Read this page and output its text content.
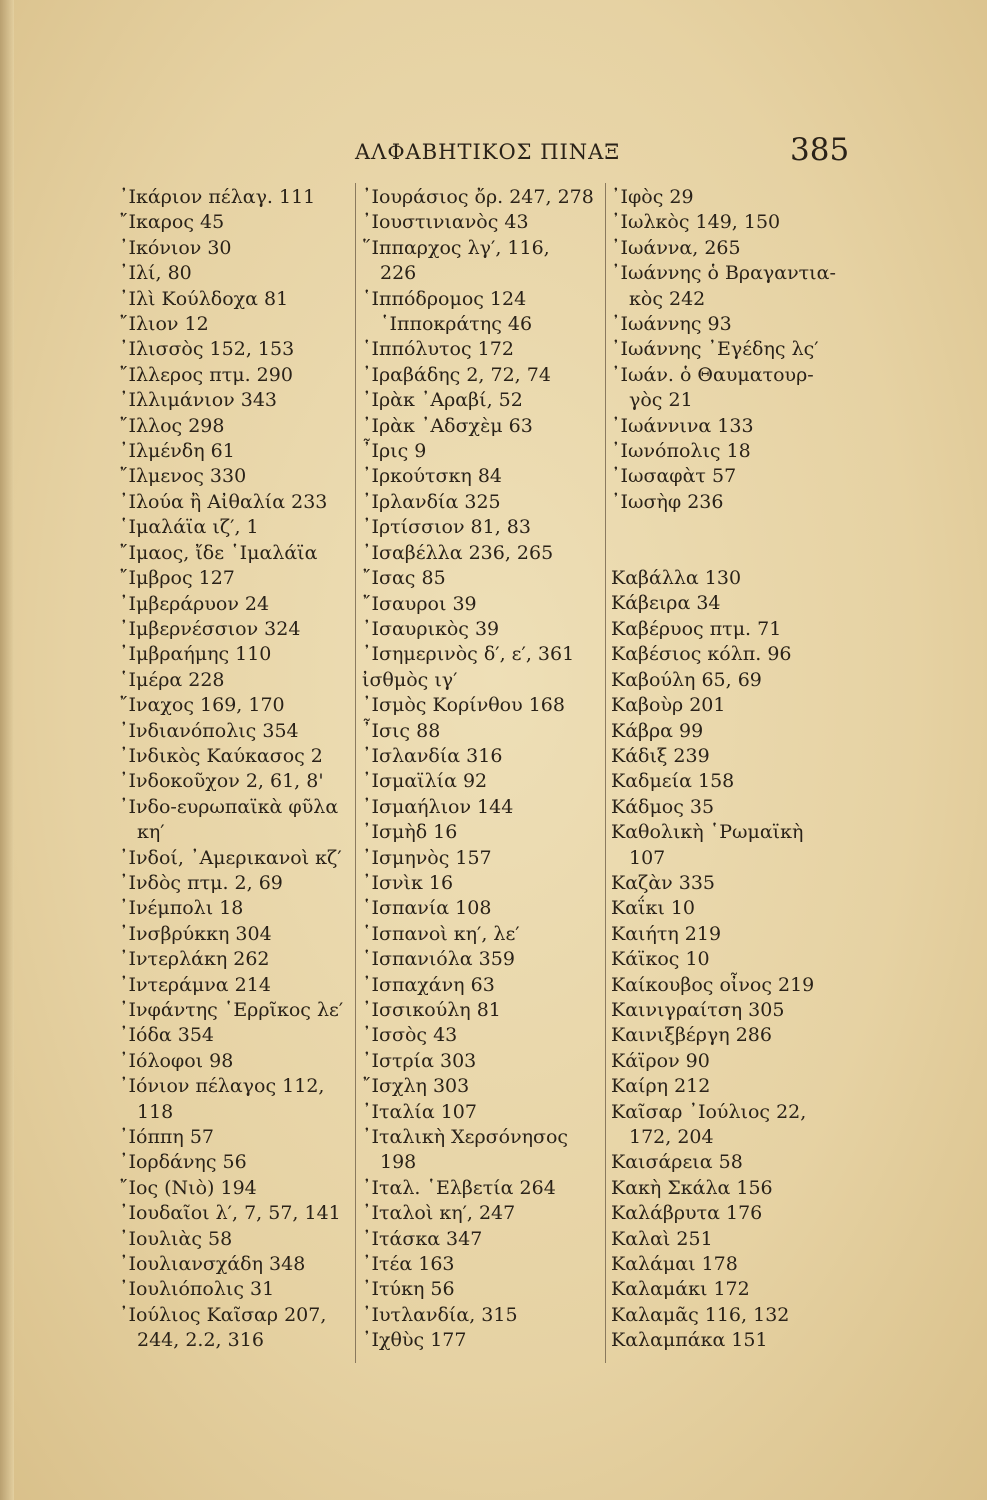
ΑΛΦΑΒΗΤΙΚΟΣ ΠΙΝΑΞ	385
᾿Ικάριον πέλαγ. 111
῎Ικαρος 45
᾿Ικόνιον 30
᾿Ιλί, 80
᾿Ιλὶ Κούλδοχα 81
῎Ιλιον 12
᾿Ιλισσὸς 152, 153
῎Ιλλερος πτμ. 290
᾿Ιλλιμάνιον 343
῎Ιλλος 298
᾿Ιλμένδη 61
῎Ιλμενος 330
᾿Ιλούα ἢ Αἰθαλία 233
῾Ιμαλάϊα ιζ′, 1
῎Ιμαος, ἴδε ῾Ιμαλάϊα
῎Ιμβρος 127
᾿Ιμβεράρυον 24
᾿Ιμβερνέσσιον 324
᾿Ιμβραήμης 110
῾Ιμέρα 228
῎Ιναχος 169, 170
᾿Ινδιανόπολις 354
᾿Ινδικὸς Καύκασος 2
᾿Ινδοκοῦχον 2, 61, 8'
᾿Ινδο-ευρωπαϊκὰ φῦλα
κη′
᾿Ινδοί, ᾿Αμερικανοὶ κζ′
᾿Ινδὸς πτμ. 2, 69
᾿Ινέμπολι 18
᾿Ινσβρύκκη 304
᾿Ιντερλάκη 262
᾿Ιντεράμνα 214
᾿Ινφάντης ῾Ερρῖκος λε′
᾿Ιόδα 354
᾿Ιόλοφοι 98
᾿Ιόνιον πέλαγος 112,
118
᾿Ιόππη 57
᾿Ιορδάνης 56
῎Ιος (Νιὸ) 194
᾿Ιουδαῖοι λ′, 7, 57, 141
᾿Ιουλιὰς 58
᾿Ιουλιανσχάδη 348
᾿Ιουλιόπολις 31
᾿Ιούλιος Καῖσαρ 207,
244, 2.2, 316
᾿Ιουράσιος ὄρ. 247, 278
᾿Ιουστινιανὸς 43
῞Ιππαρχος λγ′, 116,
226
῾Ιππόδρομος 124
῾Ιπποκράτης 46
῾Ιππόλυτος 172
᾿Ιραβάδης 2, 72, 74
᾿Ιρὰκ ᾿Αραβί, 52
᾿Ιρὰκ ᾿Αδσχὲμ 63
῏Ιρις 9
᾿Ιρκούτσκη 84
᾿Ιρλανδία 325
᾿Ιρτίσσιον 81, 83
᾿Ισαβέλλα 236, 265
῎Ισας 85
῎Ισαυροι 39
᾿Ισαυρικὸς 39
᾿Ισημερινὸς δ′, ε′, 361
ἰσθμὸς ιγ′
᾿Ισμὸς Κορίνθου 168
῏Ισις 88
᾿Ισλανδία 316
᾿Ισμαϊλία 92
᾿Ισμαήλιον 144
᾿Ισμὴδ 16
᾿Ισμηνὸς 157
᾿Ισνὶκ 16
῾Ισπανία 108
῾Ισπανοὶ κη′, λε′
῾Ισπανιόλα 359
᾿Ισπαχάνη 63
᾿Ισσικούλη 81
᾿Ισσὸς 43
᾿Ιστρία 303
῎Ισχλη 303
᾿Ιταλία 107
᾿Ιταλικὴ Χερσόνησος
198
᾿Ιταλ. ῾Ελβετία 264
᾿Ιταλοὶ κη′, 247
᾿Ιτάσκα 347
᾿Ιτέα 163
᾿Ιτύκη 56
᾿Ιυτλανδία, 315
᾿Ιχθὺς 177
᾿Ιφὸς 29
᾿Ιωλκὸς 149, 150
᾿Ιωάννα, 265
᾿Ιωάννης ὁ Βραγαντια-
κὸς 242
᾿Ιωάννης 93
᾿Ιωάννης ᾿Εγέδης λς′
᾿Ιωάν. ὁ Θαυματουρ-
γὸς 21
᾿Ιωάννινα 133
᾿Ιωνόπολις 18
᾿Ιωσαφὰτ 57
᾿Ιωσὴφ 236
Καβάλλα 130
Κάβειρα 34
Καβέρυος πτμ. 71
Καβέσιος κόλπ. 96
Καβούλη 65, 69
Καβοὺρ 201
Κάβρα 99
Κάδιξ 239
Καδμεία 158
Κάδμος 35
Καθολικὴ ῾Ρωμαϊκὴ
107
Καζὰν 335
Καΐκι 10
Καιήτη 219
Κάϊκος 10
Καίκουβος οἶνος 219
Καινιγραίτση 305
Καινιξβέργη 286
Κάϊρον 90
Καίρη 212
Καῖσαρ ᾿Ιούλιος 22,
172, 204
Καισάρεια 58
Κακὴ Σκάλα 156
Καλάβρυτα 176
Καλαὶ 251
Καλάμαι 178
Καλαμάκι 172
Καλαμᾶς 116, 132
Καλαμπάκα 151
